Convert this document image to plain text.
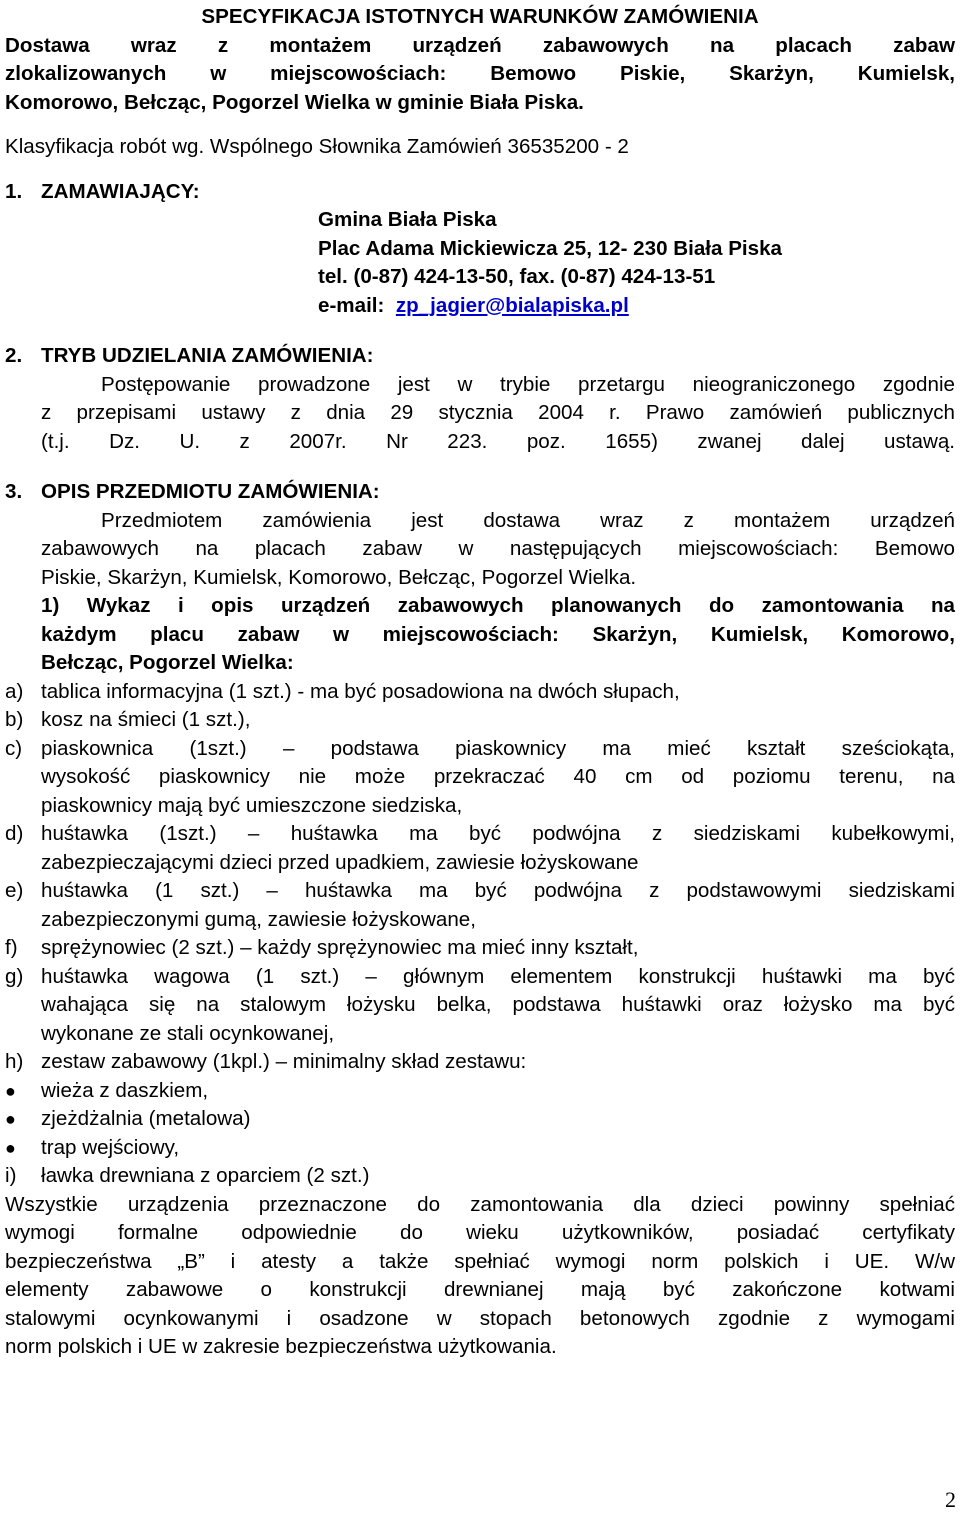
SPECYFIKACJA ISTOTNYCH WARUNKÓW ZAMÓWIENIA
Dostawa wraz z montażem urządzeń zabawowych na placach zabaw
zlokalizowanych w miejscowościach: Bemowo Piskie, Skarżyn, Kumielsk,
Komorowo, Bełcząc, Pogorzel Wielka w gminie Biała Piska.
Klasyfikacja robót wg. Wspólnego Słownika Zamówień 36535200 - 2
1. ZAMAWIAJĄCY:
Gmina Biała Piska
Plac Adama Mickiewicza 25, 12- 230 Biała Piska
tel. (0-87) 424-13-50, fax. (0-87) 424-13-51
e-mail: zp_jagier@bialapiska.pl
2. TRYB UDZIELANIA ZAMÓWIENIA:
Postępowanie prowadzone jest w trybie przetargu nieograniczonego zgodnie
z przepisami ustawy z dnia 29 stycznia 2004 r. Prawo zamówień publicznych
(t.j. Dz. U. z 2007r. Nr 223. poz. 1655) zwanej dalej ustawą.
3. OPIS PRZEDMIOTU ZAMÓWIENIA:
Przedmiotem zamówienia jest dostawa wraz z montażem urządzeń
zabawowych na placach zabaw w następujących miejscowościach: Bemowo
Piskie, Skarżyn, Kumielsk, Komorowo, Bełcząc, Pogorzel Wielka.
1) Wykaz i opis urządzeń zabawowych planowanych do zamontowania na
każdym placu zabaw w miejscowościach: Skarżyn, Kumielsk, Komorowo,
Bełcząc, Pogorzel Wielka:
a) tablica informacyjna (1 szt.) - ma być posadowiona na dwóch słupach,
b) kosz na śmieci (1 szt.),
c) piaskownica (1szt.) – podstawa piaskownicy ma mieć kształt sześciokąta,
wysokość piaskownicy nie może przekraczać 40 cm od poziomu terenu, na
piaskownicy mają być umieszczone siedziska,
d) huśtawka (1szt.) – huśtawka ma być podwójna z siedziskami kubełkowymi,
zabezpieczającymi dzieci przed upadkiem, zawiesie łożyskowane
e) huśtawka (1 szt.) – huśtawka ma być podwójna z podstawowymi siedziskami
zabezpieczonymi gumą, zawiesie łożyskowane,
f)	sprężynowiec (2 szt.) – każdy sprężynowiec ma mieć inny kształt,
g) huśtawka wagowa (1 szt.) – głównym elementem konstrukcji huśtawki ma być
wahająca się na stalowym łożysku belka, podstawa huśtawki oraz łożysko ma być
wykonane ze stali ocynkowanej,
h) zestaw zabawowy (1kpl.) – minimalny skład zestawu:
●	wieża z daszkiem,
●	zjeżdżalnia (metalowa)
●	trap wejściowy,
i)	ławka drewniana z oparciem (2 szt.)
Wszystkie urządzenia przeznaczone do zamontowania dla dzieci powinny spełniać
wymogi formalne odpowiednie do wieku użytkowników, posiadać certyfikaty
bezpieczeństwa „B” i atesty a także spełniać wymogi norm polskich i UE. W/w
elementy zabawowe o konstrukcji drewnianej mają być zakończone kotwami
stalowymi ocynkowanymi i osadzone w stopach betonowych zgodnie z wymogami
norm polskich i UE w zakresie bezpieczeństwa użytkowania.
2
